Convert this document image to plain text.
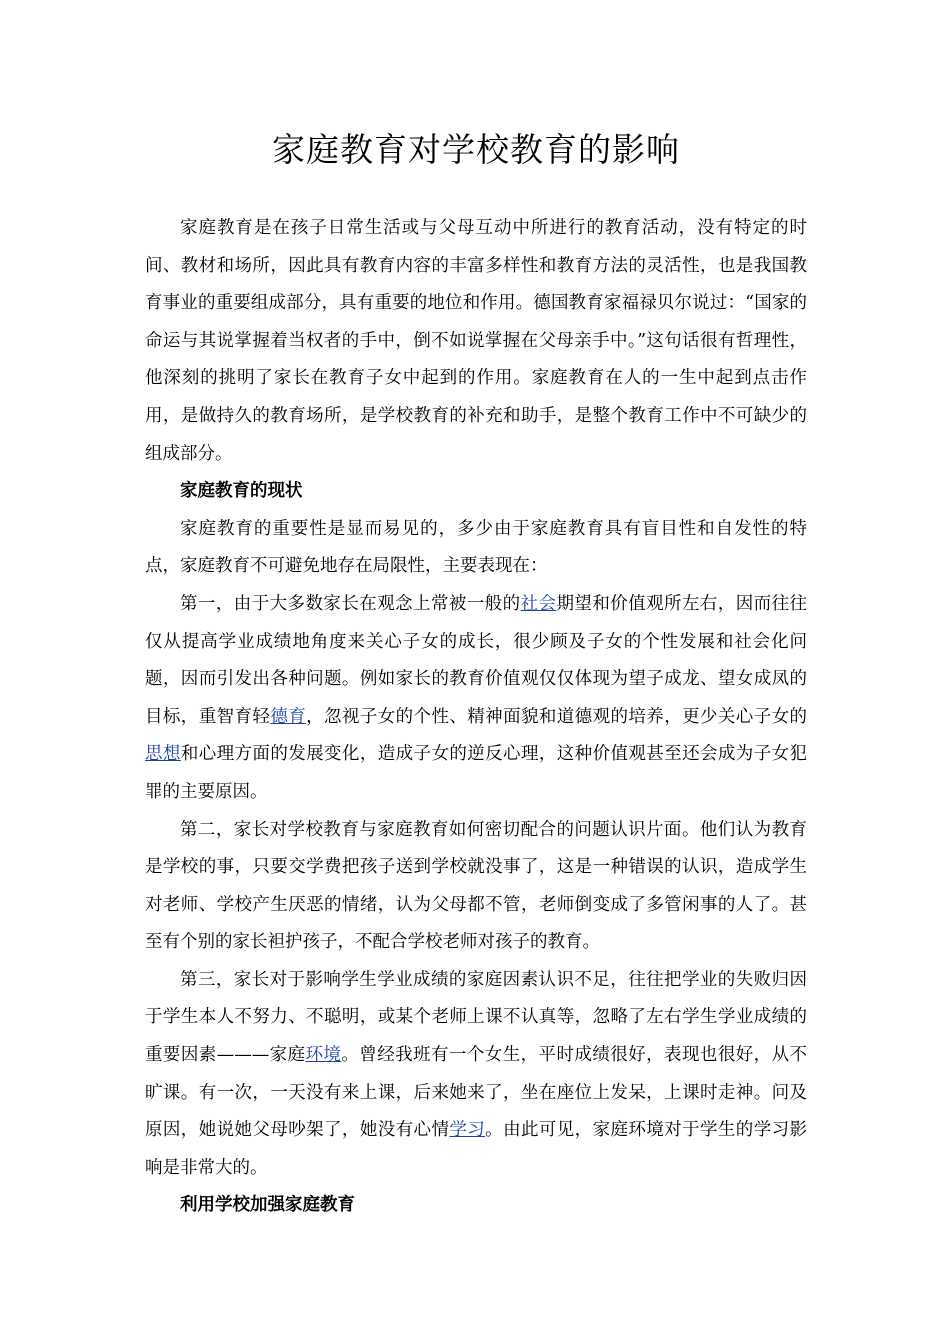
家庭教育对学校教育的影响

家庭教育是在孩子日常生活或与父母互动中所进行的教育活动，没有特定的时间、教材和场所，因此具有教育内容的丰富多样性和教育方法的灵活性，也是我国教育事业的重要组成部分，具有重要的地位和作用。德国教育家福禄贝尔说过：“国家的命运与其说掌握着当权者的手中，倒不如说掌握在父母亲手中。”这句话很有哲理性，他深刻的挑明了家长在教育子女中起到的作用。家庭教育在人的一生中起到点击作用，是做持久的教育场所，是学校教育的补充和助手，是整个教育工作中不可缺少的组成部分。

家庭教育的现状

家庭教育的重要性是显而易见的，多少由于家庭教育具有盲目性和自发性的特点，家庭教育不可避免地存在局限性，主要表现在：

第一，由于大多数家长在观念上常被一般的社会期望和价值观所左右，因而往往仅从提高学业成绩地角度来关心子女的成长，很少顾及子女的个性发展和社会化问题，因而引发出各种问题。例如家长的教育价值观仅仅体现为望子成龙、望女成凤的目标，重智育轻德育，忽视子女的个性、精神面貌和道德观的培养，更少关心子女的思想和心理方面的发展变化，造成子女的逆反心理，这种价值观甚至还会成为子女犯罪的主要原因。

第二，家长对学校教育与家庭教育如何密切配合的问题认识片面。他们认为教育是学校的事，只要交学费把孩子送到学校就没事了，这是一种错误的认识，造成学生对老师、学校产生厌恶的情绪，认为父母都不管，老师倒变成了多管闲事的人了。甚至有个别的家长袒护孩子，不配合学校老师对孩子的教育。

第三，家长对于影响学生学业成绩的家庭因素认识不足，往往把学业的失败归因于学生本人不努力、不聪明，或某个老师上课不认真等，忽略了左右学生学业成绩的重要因素———家庭环境。曾经我班有一个女生，平时成绩很好，表现也很好，从不旷课。有一次，一天没有来上课，后来她来了，坐在座位上发呆，上课时走神。问及原因，她说她父母吵架了，她没有心情学习。由此可见，家庭环境对于学生的学习影响是非常大的。

利用学校加强家庭教育
